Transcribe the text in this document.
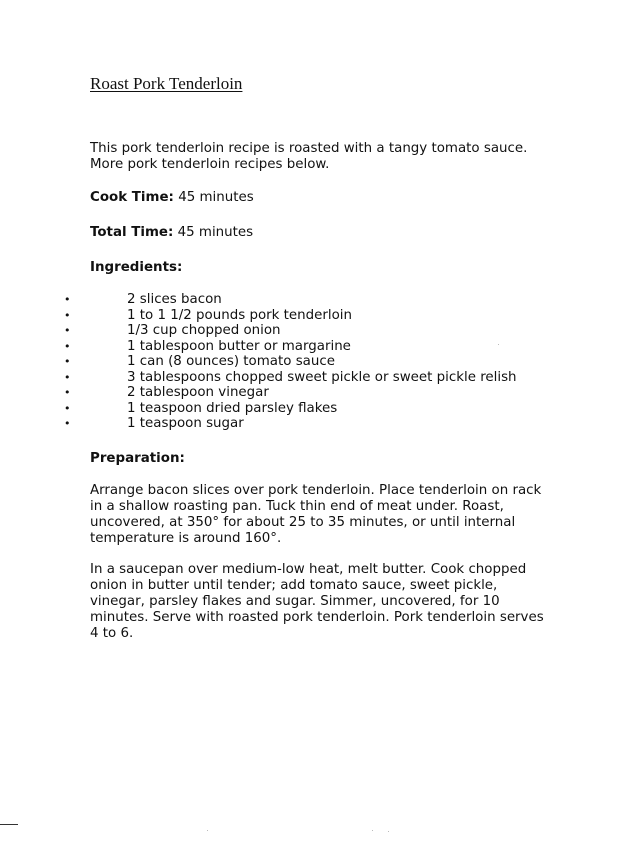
Roast Pork Tenderloin

This pork tenderloin recipe is roasted with a tangy tomato sauce. More pork tenderloin recipes below.

Cook Time: 45 minutes

Total Time: 45 minutes

Ingredients:
•	2 slices bacon
•	1 to 1 1/2 pounds pork tenderloin
•	1/3 cup chopped onion
•	1 tablespoon butter or margarine
•	1 can (8 ounces) tomato sauce
•	3 tablespoons chopped sweet pickle or sweet pickle relish
•	2 tablespoon vinegar
•	1 teaspoon dried parsley flakes
•	1 teaspoon sugar
Preparation:

Arrange bacon slices over pork tenderloin. Place tenderloin on rack in a shallow roasting pan. Tuck thin end of meat under. Roast, uncovered, at 350° for about 25 to 35 minutes, or until internal temperature is around 160°.

In a saucepan over medium-low heat, melt butter. Cook chopped onion in butter until tender; add tomato sauce, sweet pickle, vinegar, parsley flakes and sugar. Simmer, uncovered, for 10 minutes. Serve with roasted pork tenderloin. Pork tenderloin serves 4 to 6.
